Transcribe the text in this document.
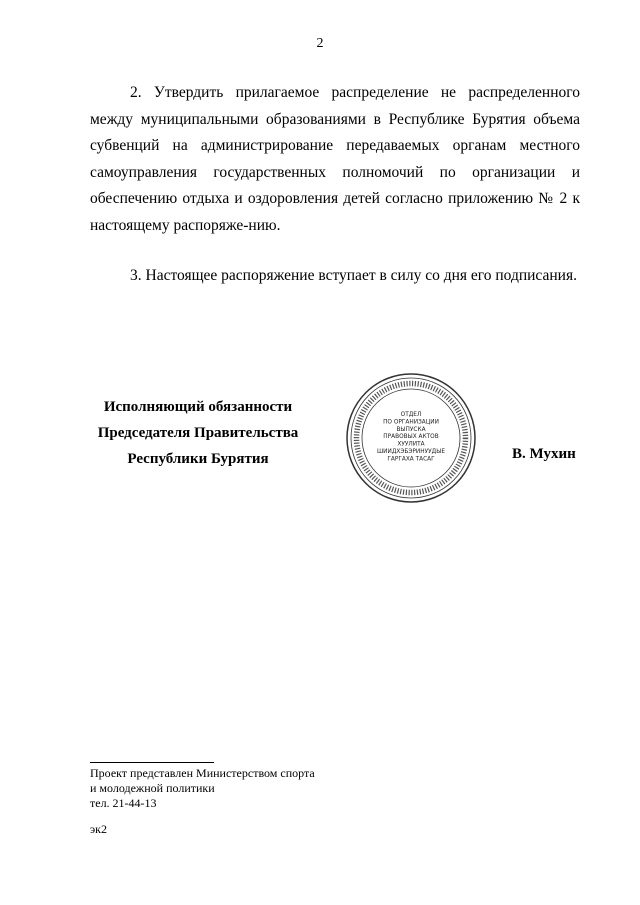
2

2. Утвердить прилагаемое распределение не распределенного между муниципальными образованиями в Республике Бурятия объема субвенций на администрирование передаваемых органам местного самоуправления государственных полномочий по организации и обеспечению отдыха и оздоровления детей согласно приложению № 2 к настоящему распоряже-нию.

3. Настоящее распоряжение вступает в силу со дня его подписания.

Исполняющий обязанности
Председателя Правительства
Республики Бурятия
ОТДЕЛ
ПО ОРГАНИЗАЦИИ
ВЫПУСКА
ПРАВОВЫХ АКТОВ
ХУУЛИТА
ШИИДХЭБЭРИНУУДЫЕ
ГАРГАХА ТАСАГ	В. Мухин
Проект представлен Министерством спорта
и молодежной политики
тел. 21-44-13
эк2
